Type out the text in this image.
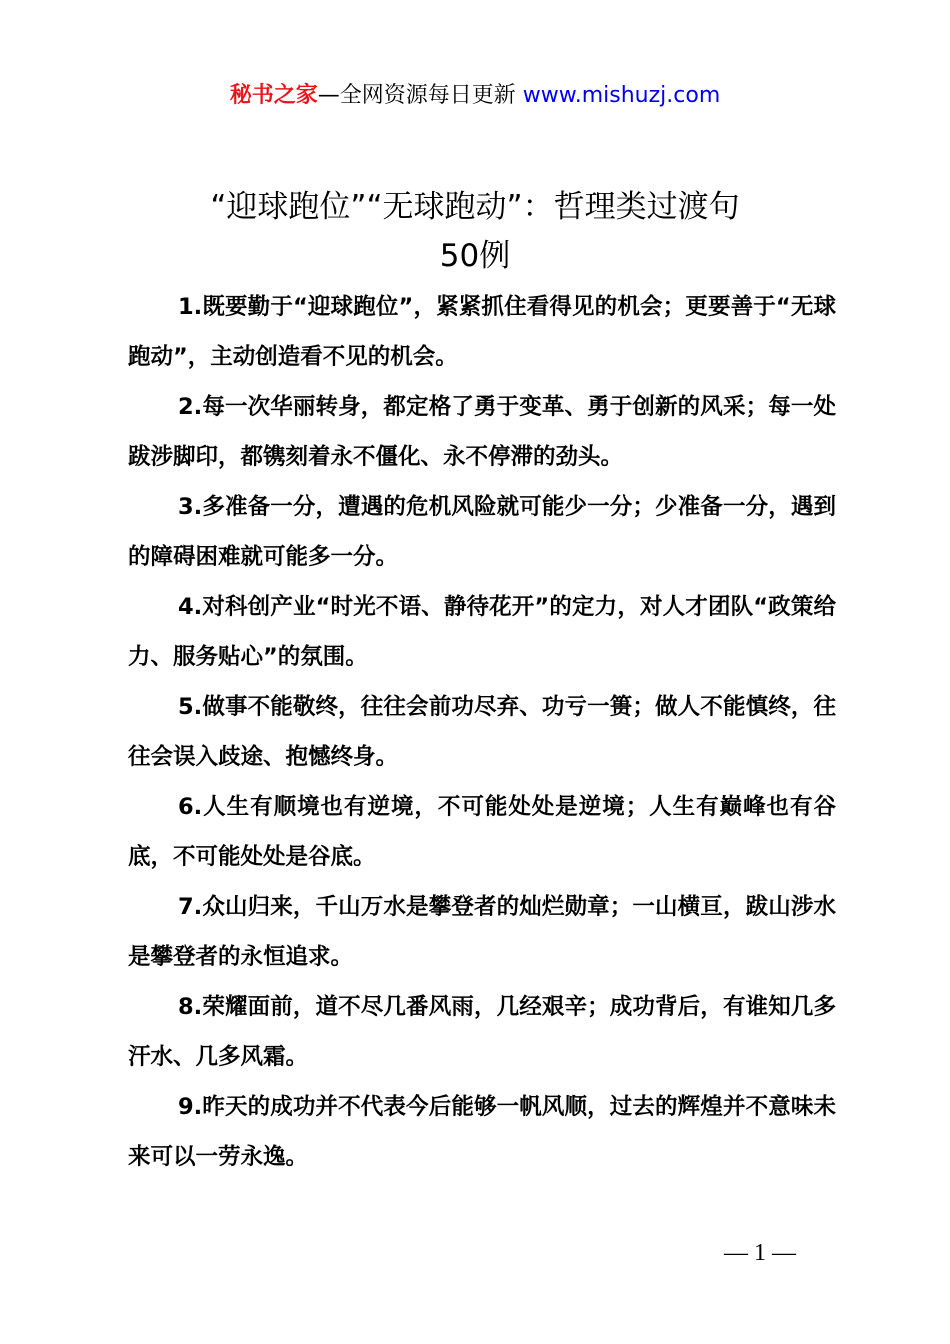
秘书之家—全网资源每日更新 www.mishuzj.com
“迎球跑位”“无球跑动”：哲理类过渡句
50例

1.既要勤于“迎球跑位”，紧紧抓住看得见的机会；更要善于“无球跑动”，主动创造看不见的机会。

2.每一次华丽转身，都定格了勇于变革、勇于创新的风采；每一处跋涉脚印，都镌刻着永不僵化、永不停滞的劲头。

3.多准备一分，遭遇的危机风险就可能少一分；少准备一分，遇到的障碍困难就可能多一分。

4.对科创产业“时光不语、静待花开”的定力，对人才团队“政策给力、服务贴心”的氛围。

5.做事不能敬终，往往会前功尽弃、功亏一篑；做人不能慎终，往往会误入歧途、抱憾终身。

6.人生有顺境也有逆境，不可能处处是逆境；人生有巅峰也有谷底，不可能处处是谷底。

7.众山归来，千山万水是攀登者的灿烂勋章；一山横亘，跋山涉水是攀登者的永恒追求。

8.荣耀面前，道不尽几番风雨，几经艰辛；成功背后，有谁知几多汗水、几多风霜。

9.昨天的成功并不代表今后能够一帆风顺，过去的辉煌并不意味未来可以一劳永逸。

— 1 —
